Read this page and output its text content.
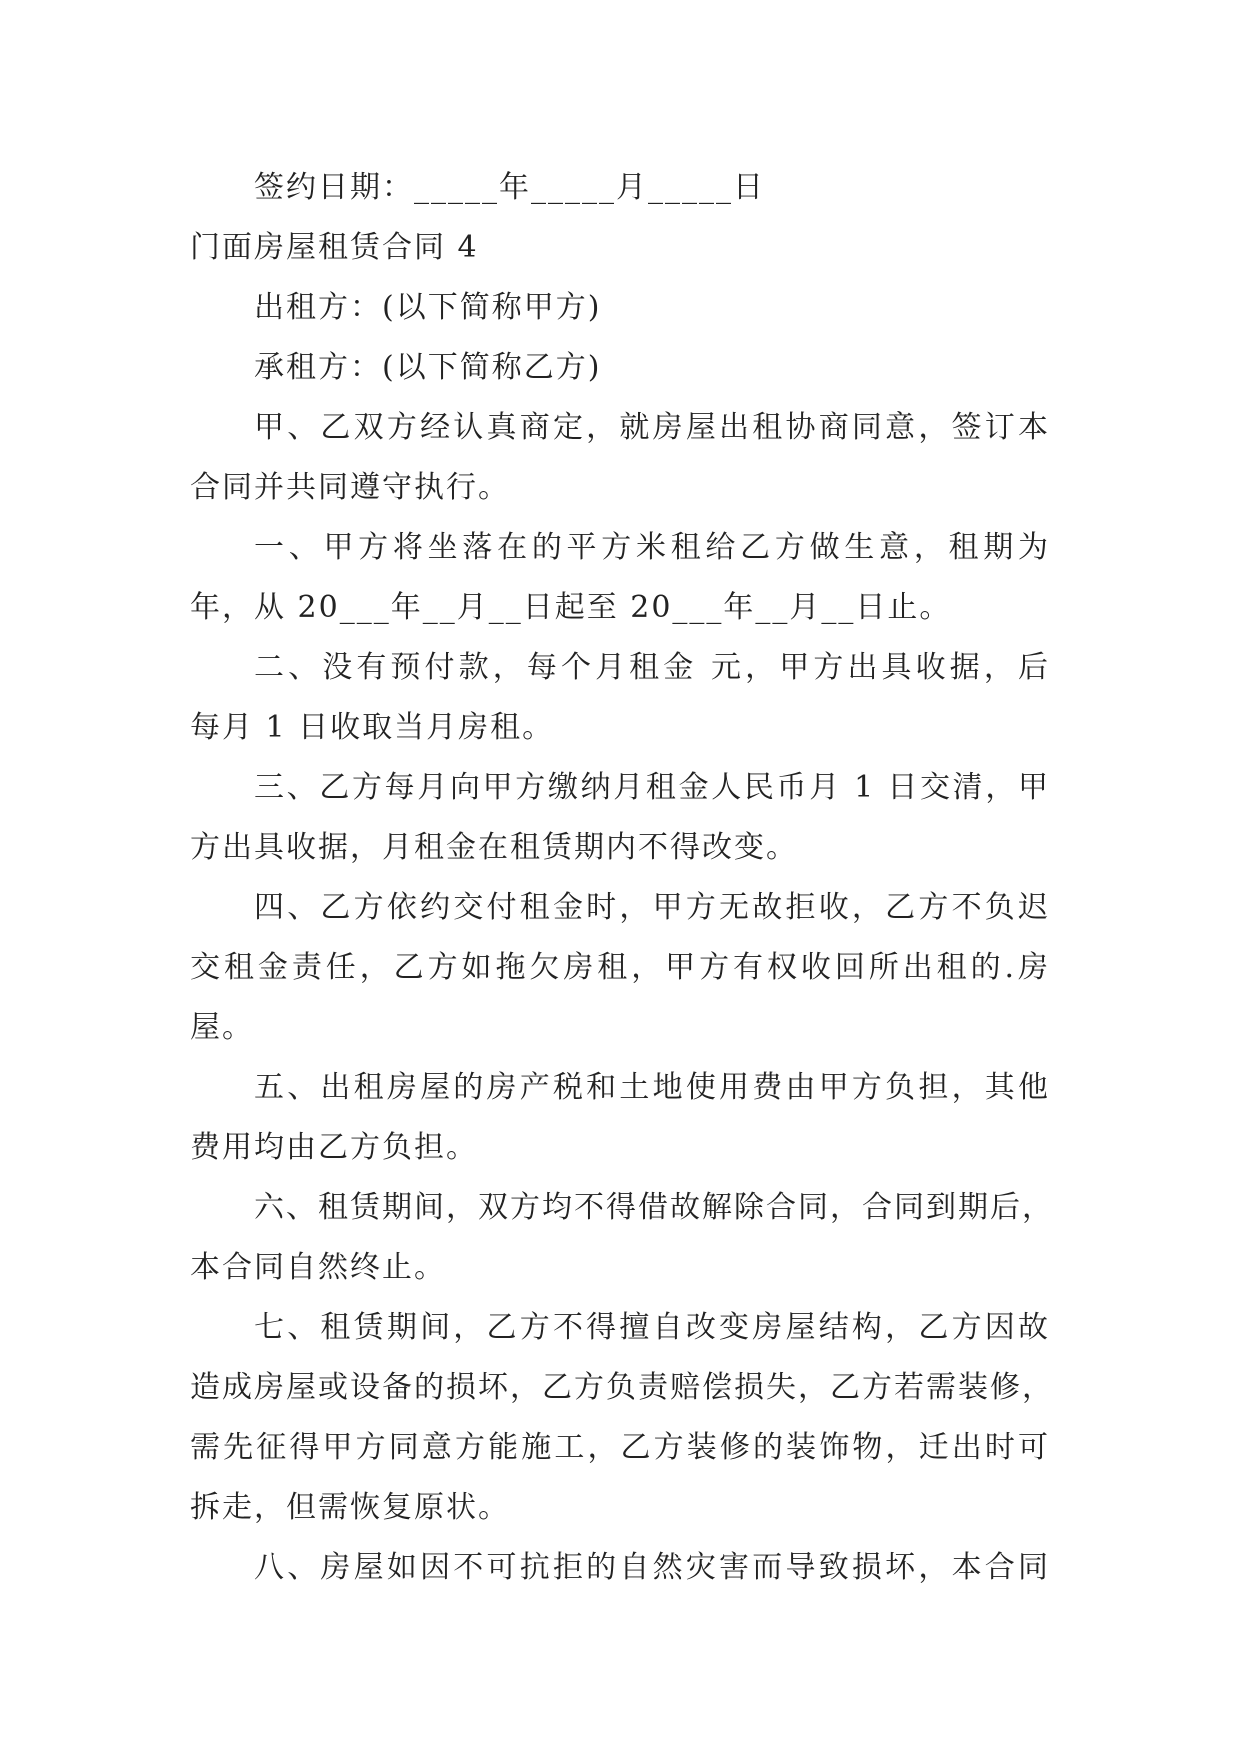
签约日期：_____年_____月_____日
门面房屋租赁合同 4
出租方：(以下简称甲方)
承租方：(以下简称乙方)
甲、乙双方经认真商定，就房屋出租协商同意，签订本
合同并共同遵守执行。
一、甲方将坐落在的平方米租给乙方做生意，租期为
年，从 20___年__月__日起至 20___年__月__日止。
二、没有预付款，每个月租金 元，甲方出具收据，后
每月 1 日收取当月房租。
三、乙方每月向甲方缴纳月租金人民币月 1 日交清，甲
方出具收据，月租金在租赁期内不得改变。
四、乙方依约交付租金时，甲方无故拒收，乙方不负迟
交租金责任，乙方如拖欠房租，甲方有权收回所出租的.房
屋。
五、出租房屋的房产税和土地使用费由甲方负担，其他
费用均由乙方负担。
六、租赁期间，双方均不得借故解除合同，合同到期后，
本合同自然终止。
七、租赁期间，乙方不得擅自改变房屋结构，乙方因故
造成房屋或设备的损坏，乙方负责赔偿损失，乙方若需装修，
需先征得甲方同意方能施工，乙方装修的装饰物，迁出时可
拆走，但需恢复原状。
八、房屋如因不可抗拒的自然灾害而导致损坏，本合同
